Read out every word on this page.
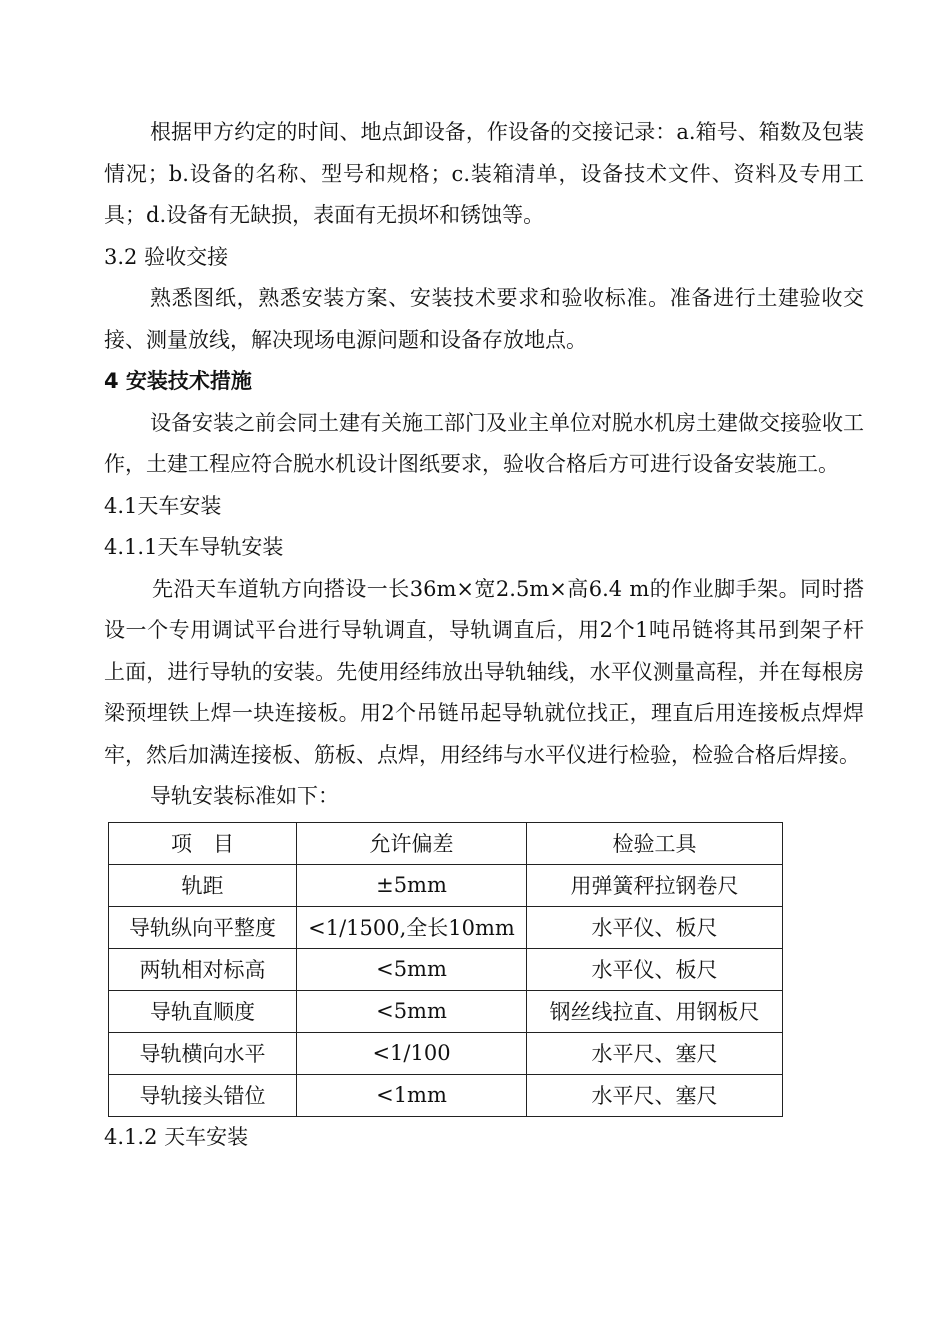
根据甲方约定的时间、地点卸设备，作设备的交接记录：a.箱号、箱数及包装情况；b.设备的名称、型号和规格；c.装箱清单，设备技术文件、资料及专用工具；d.设备有无缺损，表面有无损坏和锈蚀等。

3.2 验收交接

熟悉图纸，熟悉安装方案、安装技术要求和验收标准。准备进行土建验收交接、测量放线，解决现场电源问题和设备存放地点。

4 安装技术措施

设备安装之前会同土建有关施工部门及业主单位对脱水机房土建做交接验收工作，土建工程应符合脱水机设计图纸要求，验收合格后方可进行设备安装施工。

4.1天车安装

4.1.1天车导轨安装

先沿天车道轨方向搭设一长36m×宽2.5m×高6.4 m的作业脚手架。同时搭设一个专用调试平台进行导轨调直，导轨调直后，用2个1吨吊链将其吊到架子杆上面，进行导轨的安装。先使用经纬放出导轨轴线，水平仪测量高程，并在每根房梁预埋铁上焊一块连接板。用2个吊链吊起导轨就位找正，理直后用连接板点焊焊牢，然后加满连接板、筋板、点焊，用经纬与水平仪进行检验，检验合格后焊接。

导轨安装标准如下：

项　目	允许偏差	检验工具
轨距	±5mm	用弹簧秤拉钢卷尺
导轨纵向平整度	<1/1500,全长10mm	水平仪、板尺
两轨相对标高	<5mm	水平仪、板尺
导轨直顺度	<5mm	钢丝线拉直、用钢板尺
导轨横向水平	<1/100	水平尺、塞尺
导轨接头错位	<1mm	水平尺、塞尺

4.1.2 天车安装
